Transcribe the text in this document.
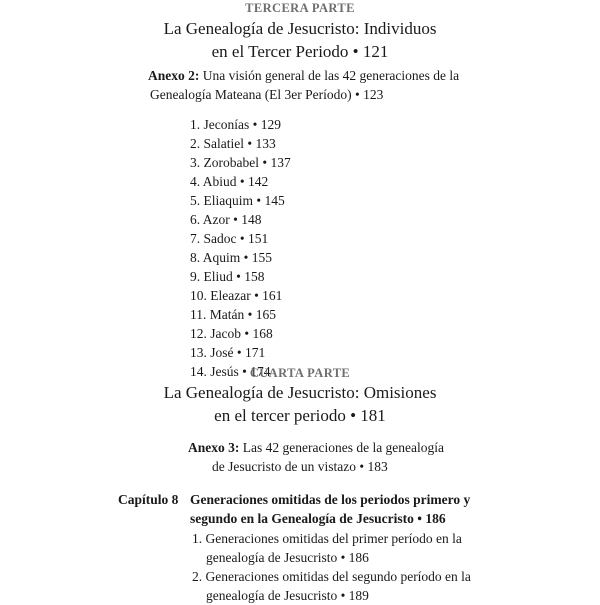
TERCERA PARTE
La Genealogía de Jesucristo: Individuos
en el Tercer Periodo • 121
Anexo 2: Una visión general de las 42 generaciones de la
Genealogía Mateana (El 3er Período) • 123
1. Jeconías • 129
2. Salatiel • 133
3. Zorobabel • 137
4. Abiud • 142
5. Eliaquim • 145
6. Azor • 148
7. Sadoc • 151
8. Aquim • 155
9. Eliud • 158
10. Eleazar • 161
11. Matán • 165
12. Jacob • 168
13. José • 171
14. Jesús • 174
CUARTA PARTE
La Genealogía de Jesucristo: Omisiones
en el tercer periodo • 181
Anexo 3: Las 42 generaciones de la genealogía
de Jesucristo de un vistazo • 183
Capítulo 8 Generaciones omitidas de los periodos primero y
segundo en la Genealogía de Jesucristo • 186
1. Generaciones omitidas del primer período en la
genealogía de Jesucristo • 186
2. Generaciones omitidas del segundo período en la
genealogía de Jesucristo • 189
